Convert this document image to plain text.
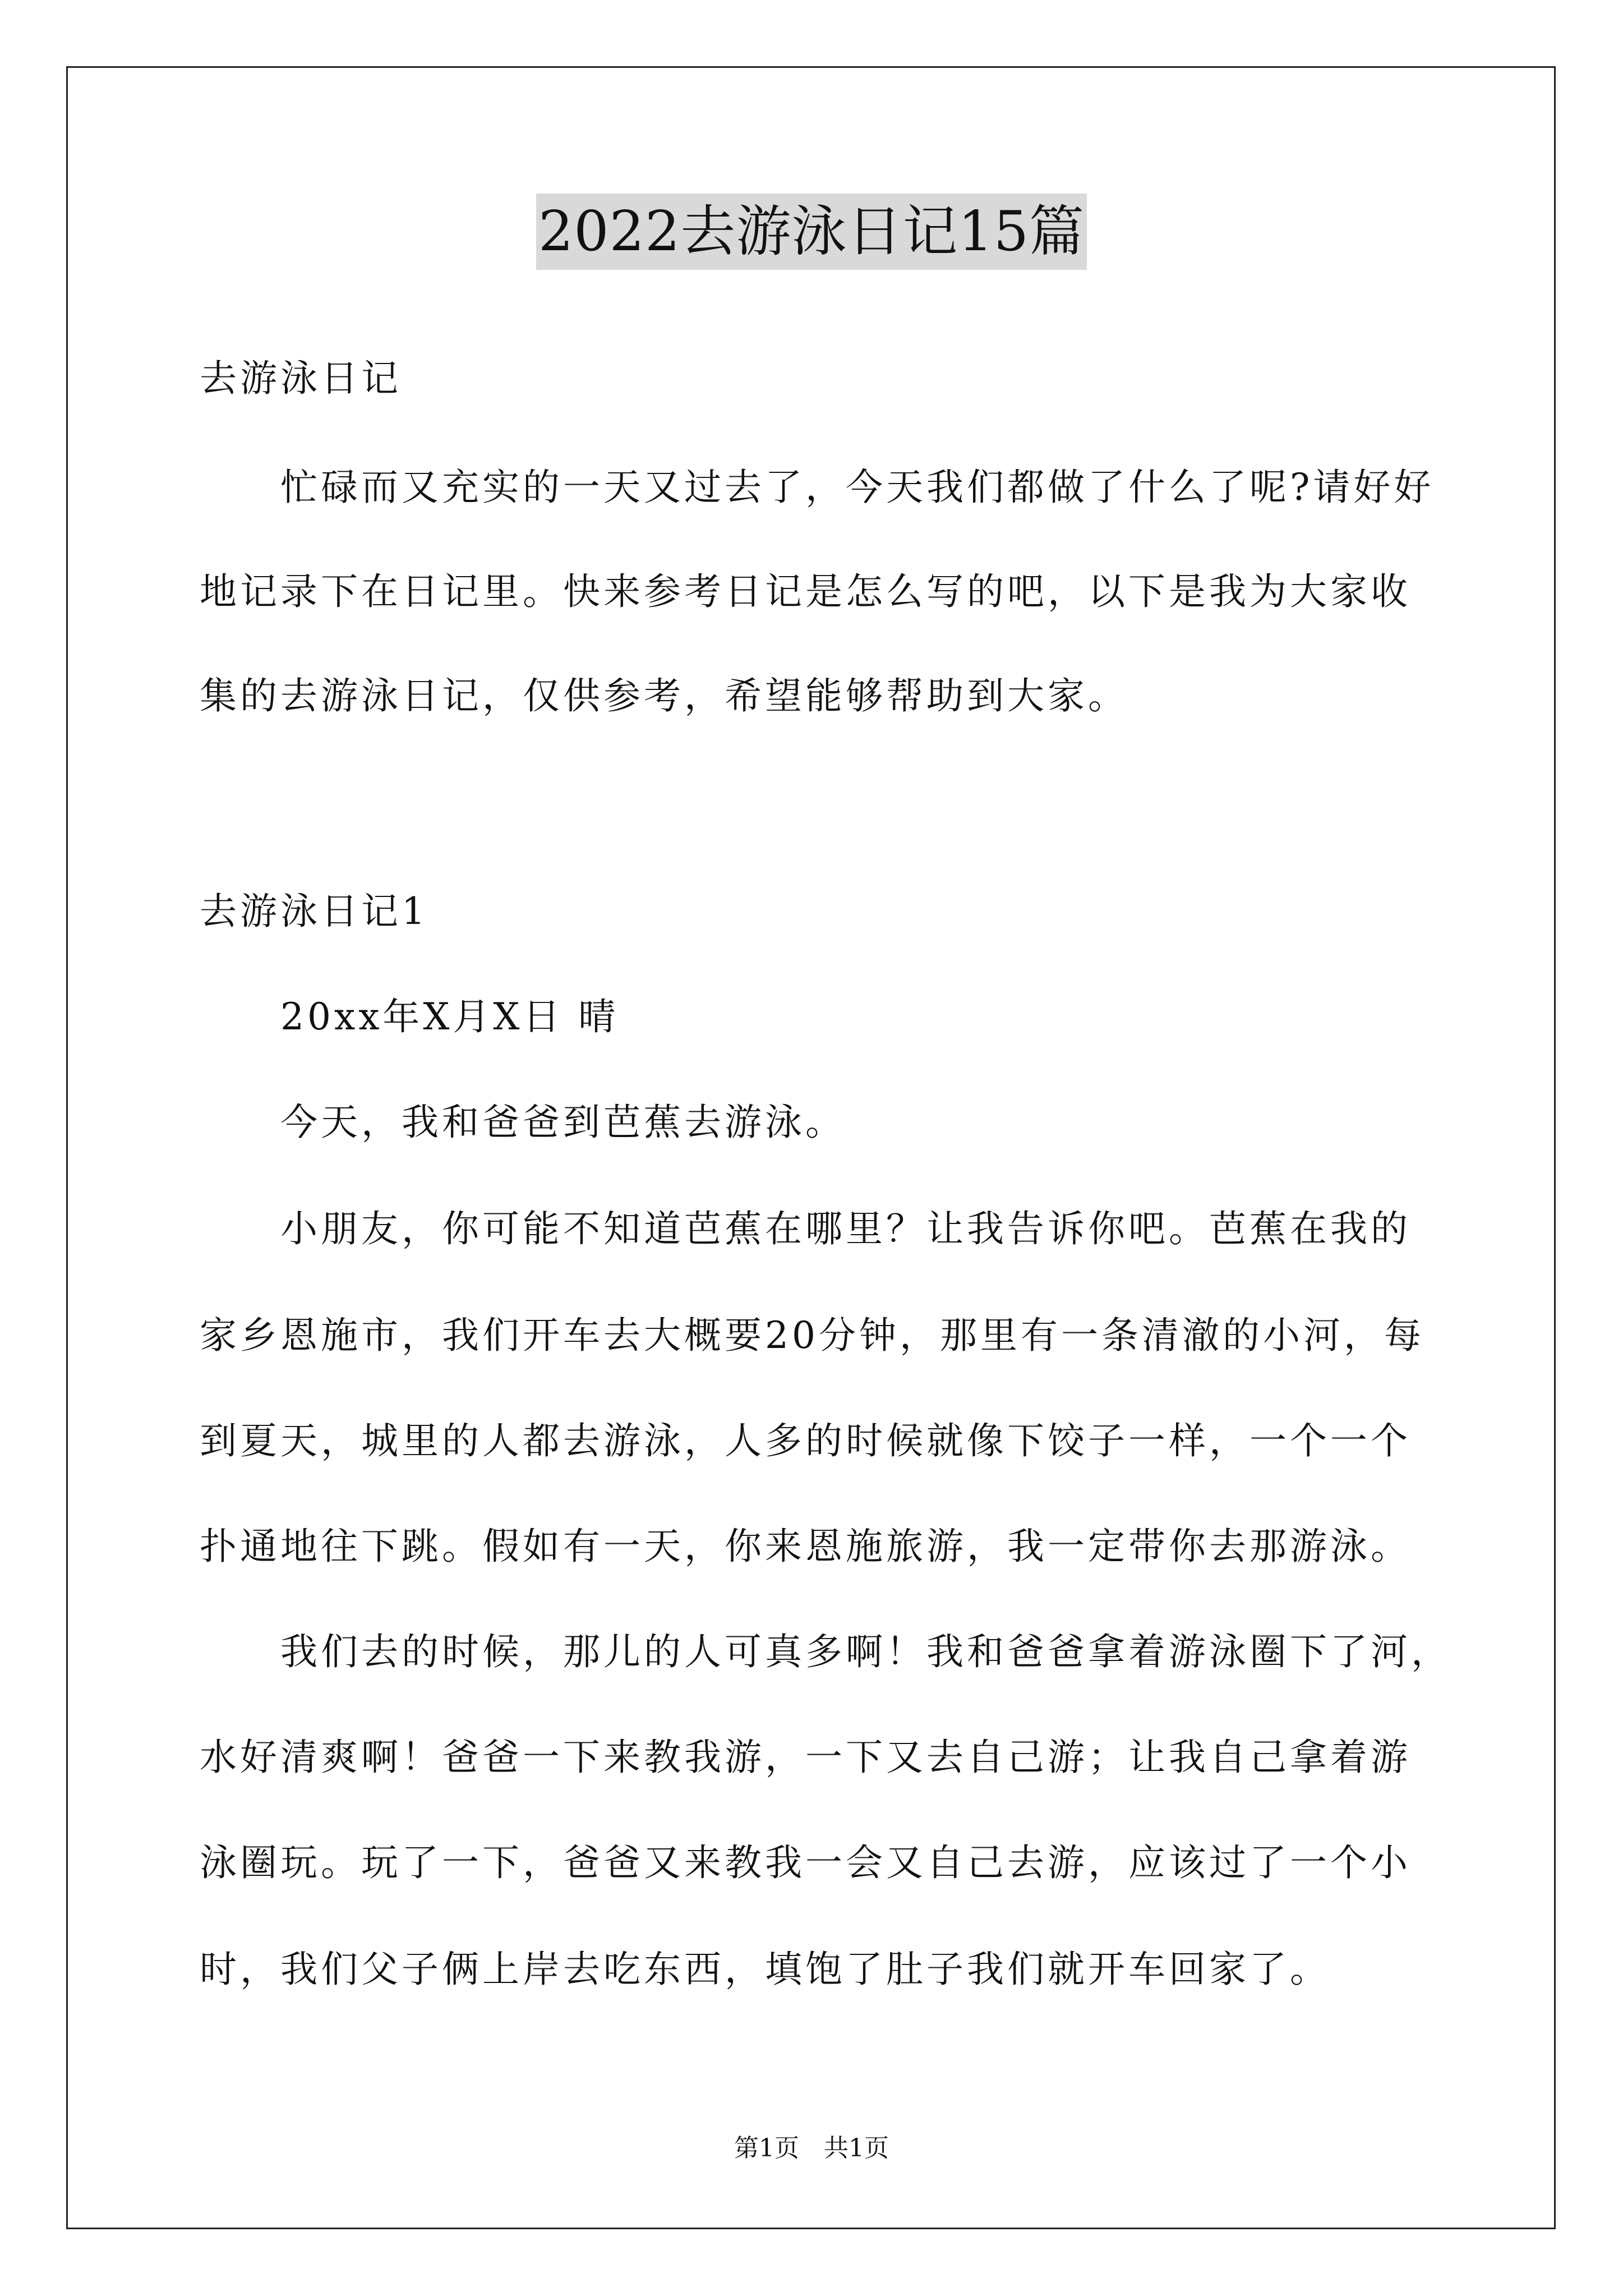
2022去游泳日记15篇
去游泳日记
忙碌而又充实的一天又过去了，今天我们都做了什么了呢?请好好
地记录下在日记里。快来参考日记是怎么写的吧，以下是我为大家收
集的去游泳日记，仅供参考，希望能够帮助到大家。
去游泳日记1
20xx年X月X日 晴
今天，我和爸爸到芭蕉去游泳。
小朋友，你可能不知道芭蕉在哪里？让我告诉你吧。芭蕉在我的
家乡恩施市，我们开车去大概要20分钟，那里有一条清澈的小河，每
到夏天，城里的人都去游泳，人多的时候就像下饺子一样，一个一个
扑通地往下跳。假如有一天，你来恩施旅游，我一定带你去那游泳。
我们去的时候，那儿的人可真多啊！我和爸爸拿着游泳圈下了河，
水好清爽啊！爸爸一下来教我游，一下又去自己游；让我自己拿着游
泳圈玩。玩了一下，爸爸又来教我一会又自己去游，应该过了一个小
时，我们父子俩上岸去吃东西，填饱了肚子我们就开车回家了。
第1页　共1页
